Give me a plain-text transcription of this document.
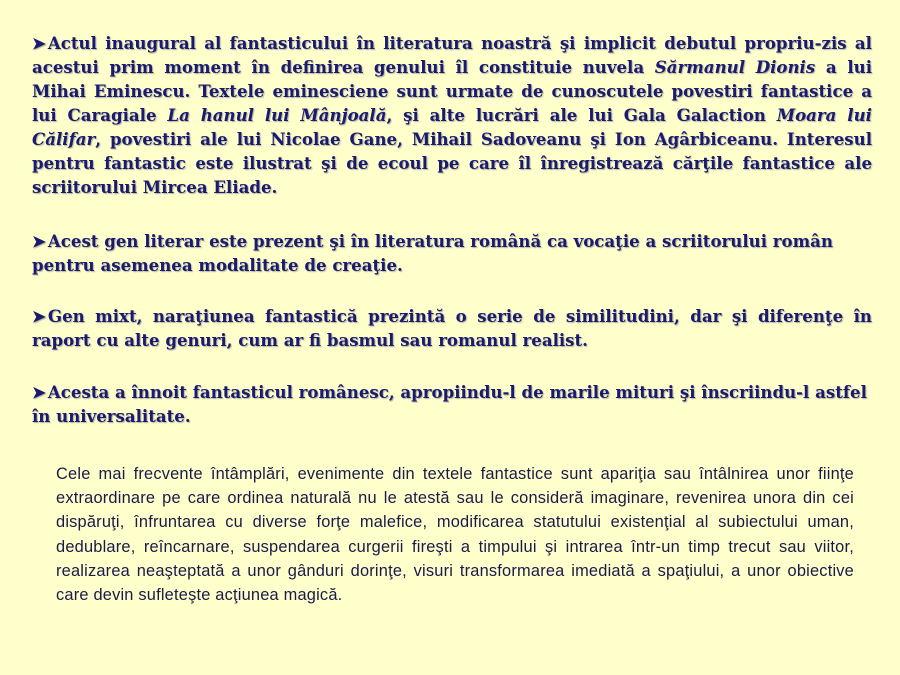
➤ Actul inaugural al fantasticului în literatura noastră şi implicit debutul propriu-zis al acestui prim moment în definirea genului îl constituie nuvela Sărmanul Dionis a lui Mihai Eminescu. Textele eminesciene sunt urmate de cunoscutele povestiri fantastice a lui Caragiale La hanul lui Mânjoală, şi alte lucrări ale lui Gala Galaction Moara lui Călifar, povestiri ale lui Nicolae Gane, Mihail Sadoveanu şi Ion Agârbiceanu. Interesul pentru fantastic este ilustrat şi de ecoul pe care îl înregistrează cărţile fantastice ale scriitorului Mircea Eliade.

➤ Acest gen literar este prezent şi în literatura română ca vocaţie a scriitorului român pentru asemenea modalitate de creaţie.

➤ Gen mixt, naraţiunea fantastică prezintă o serie de similitudini, dar şi diferenţe în raport cu alte genuri, cum ar fi basmul sau romanul realist.

➤ Acesta a înnoit fantasticul românesc, apropiindu-l de marile mituri şi înscriindu-l astfel în universalitate.

Cele mai frecvente întâmplări, evenimente din textele fantastice sunt apariţia sau întâlnirea unor fiinţe extraordinare pe care ordinea naturală nu le atestă sau le consideră imaginare, revenirea unora din cei dispăruţi, înfruntarea cu diverse forţe malefice, modificarea statutului existenţial al subiectului uman, dedublare, reîncarnare, suspendarea curgerii fireşti a timpului şi intrarea într-un timp trecut sau viitor, realizarea neaşteptată a unor gânduri dorinţe, visuri transformarea imediată a spaţiului, a unor obiective care devin sufleteşte acţiunea magică.
